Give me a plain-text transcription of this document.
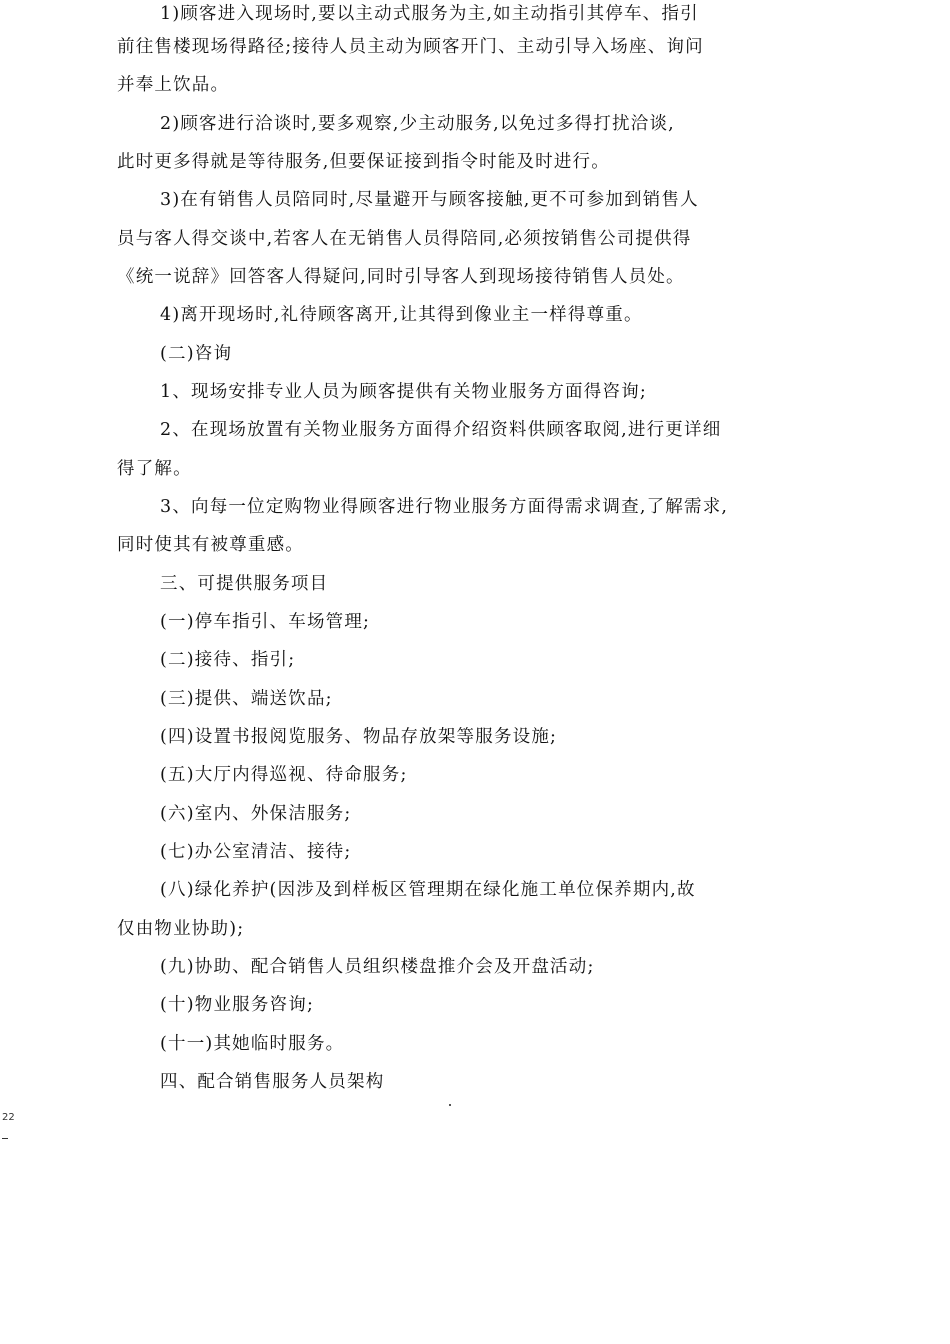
1)顾客进入现场时,要以主动式服务为主,如主动指引其停车、指引
前往售楼现场得路径;接待人员主动为顾客开门、主动引导入场座、询问
并奉上饮品。
2)顾客进行洽谈时,要多观察,少主动服务,以免过多得打扰洽谈,
此时更多得就是等待服务,但要保证接到指令时能及时进行。
3)在有销售人员陪同时,尽量避开与顾客接触,更不可参加到销售人
员与客人得交谈中,若客人在无销售人员得陪同,必须按销售公司提供得
《统一说辞》回答客人得疑问,同时引导客人到现场接待销售人员处。
4)离开现场时,礼待顾客离开,让其得到像业主一样得尊重。
(二)咨询
1、现场安排专业人员为顾客提供有关物业服务方面得咨询;
2、在现场放置有关物业服务方面得介绍资料供顾客取阅,进行更详细
得了解。
3、向每一位定购物业得顾客进行物业服务方面得需求调查,了解需求,
同时使其有被尊重感。
三、可提供服务项目
(一)停车指引、车场管理;
(二)接待、指引;
(三)提供、端送饮品;
(四)设置书报阅览服务、物品存放架等服务设施;
(五)大厅内得巡视、待命服务;
(六)室内、外保洁服务;
(七)办公室清洁、接待;
(八)绿化养护(因涉及到样板区管理期在绿化施工单位保养期内,故
仅由物业协助);
(九)协助、配合销售人员组织楼盘推介会及开盘活动;
(十)物业服务咨询;
(十一)其她临时服务。
四、配合销售服务人员架构
22
